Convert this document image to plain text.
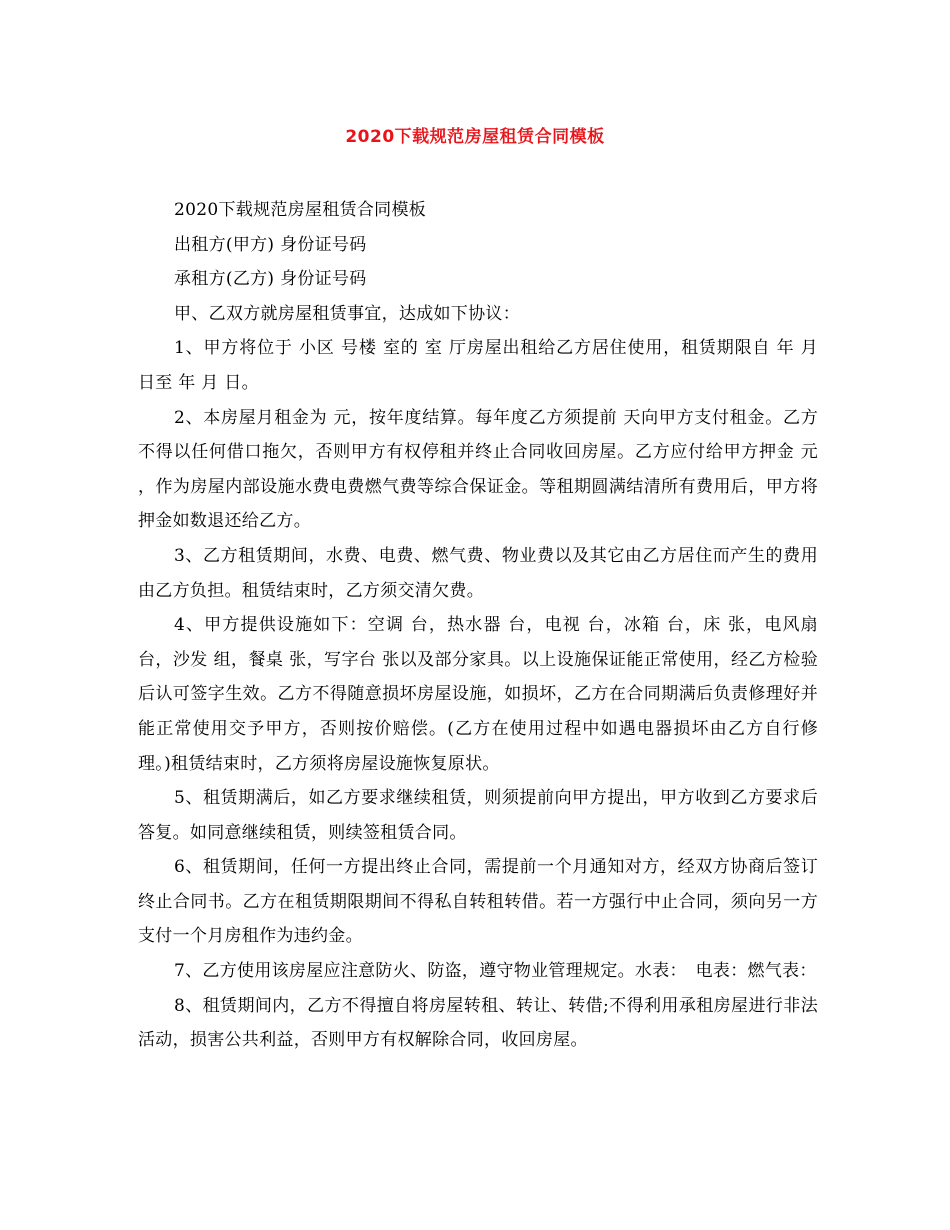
2020下载规范房屋租赁合同模板

2020下载规范房屋租赁合同模板

出租方(甲方) 身份证号码

承租方(乙方) 身份证号码

甲、乙双方就房屋租赁事宜，达成如下协议：

1、甲方将位于 小区 号楼 室的 室 厅房屋出租给乙方居住使用，租赁期限自 年 月 日至 年 月 日。

2、本房屋月租金为 元，按年度结算。每年度乙方须提前 天向甲方支付租金。乙方不得以任何借口拖欠，否则甲方有权停租并终止合同收回房屋。乙方应付给甲方押金 元 ，作为房屋内部设施水费电费燃气费等综合保证金。等租期圆满结清所有费用后，甲方将押金如数退还给乙方。

3、乙方租赁期间，水费、电费、燃气费、物业费以及其它由乙方居住而产生的费用由乙方负担。租赁结束时，乙方须交清欠费。

4、甲方提供设施如下：空调 台，热水器 台，电视 台，冰箱 台，床 张，电风扇 台，沙发 组，餐桌 张，写字台 张以及部分家具。以上设施保证能正常使用，经乙方检验后认可签字生效。乙方不得随意损坏房屋设施，如损坏，乙方在合同期满后负责修理好并能正常使用交予甲方，否则按价赔偿。(乙方在使用过程中如遇电器损坏由乙方自行修理。)租赁结束时，乙方须将房屋设施恢复原状。

5、租赁期满后，如乙方要求继续租赁，则须提前向甲方提出，甲方收到乙方要求后答复。如同意继续租赁，则续签租赁合同。

6、租赁期间，任何一方提出终止合同，需提前一个月通知对方，经双方协商后签订终止合同书。乙方在租赁期限期间不得私自转租转借。若一方强行中止合同，须向另一方支付一个月房租作为违约金。

7、乙方使用该房屋应注意防火、防盗，遵守物业管理规定。水表：　电表：燃气表：

8、租赁期间内，乙方不得擅自将房屋转租、转让、转借;不得利用承租房屋进行非法活动，损害公共利益，否则甲方有权解除合同，收回房屋。
